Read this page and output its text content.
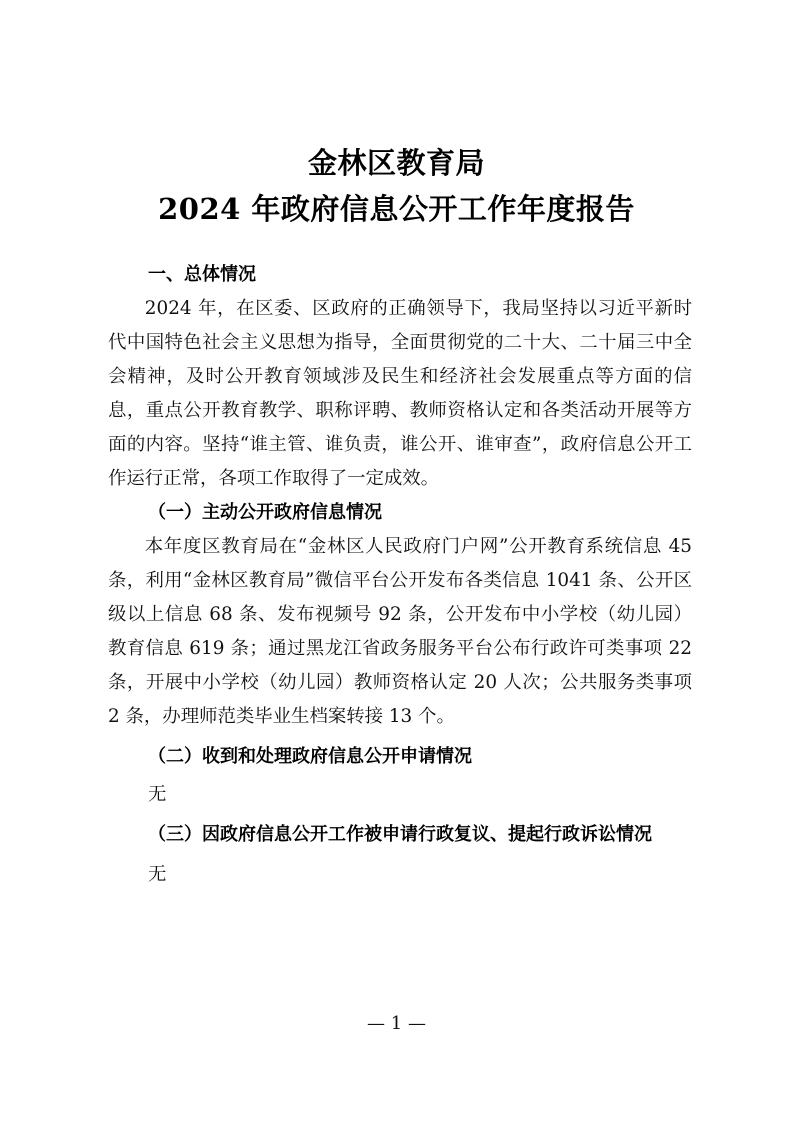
金林区教育局
2024 年政府信息公开工作年度报告
一、总体情况

2024 年，在区委、区政府的正确领导下，我局坚持以习近平新时代中国特色社会主义思想为指导，全面贯彻党的二十大、二十届三中全会精神，及时公开教育领域涉及民生和经济社会发展重点等方面的信息，重点公开教育教学、职称评聘、教师资格认定和各类活动开展等方面的内容。坚持“谁主管、谁负责，谁公开、谁审查”，政府信息公开工作运行正常，各项工作取得了一定成效。

（一）主动公开政府信息情况

本年度区教育局在“金林区人民政府门户网”公开教育系统信息 45 条，利用“金林区教育局”微信平台公开发布各类信息 1041 条、公开区级以上信息 68 条、发布视频号 92 条，公开发布中小学校（幼儿园）教育信息 619 条；通过黑龙江省政务服务平台公布行政许可类事项 22 条，开展中小学校（幼儿园）教师资格认定 20 人次；公共服务类事项 2 条，办理师范类毕业生档案转接 13 个。

（二）收到和处理政府信息公开申请情况
无
（三）因政府信息公开工作被申请行政复议、提起行政诉讼情况
无
— 1 —
